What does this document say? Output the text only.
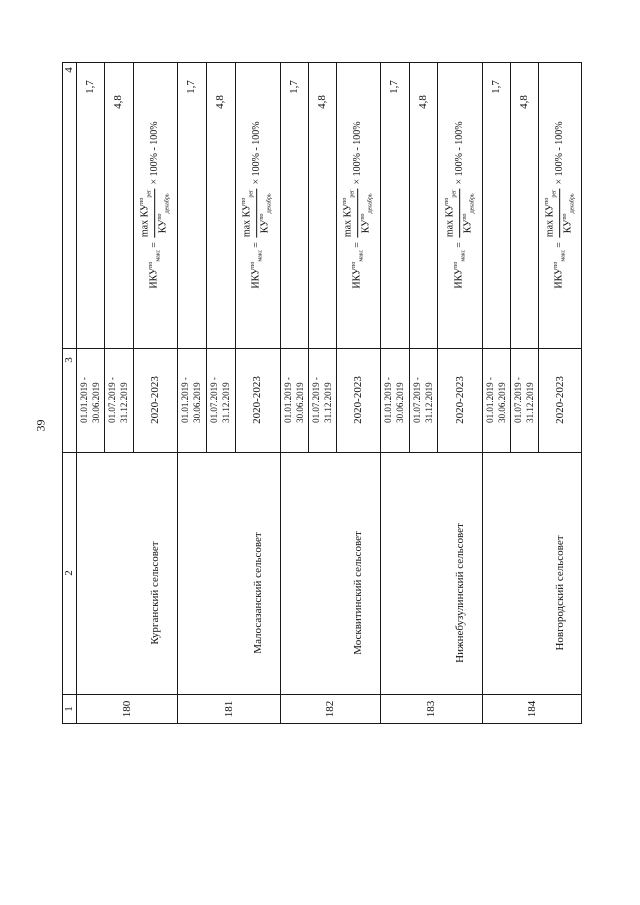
39
4
3
2
1	180
Курганский сельсовет
01.01.2019 - 30.06.2019 01.07.2019 - 31.12.2019 2020-2023
1,7
4,8
$ИКУ^{по}_{макс}$
=
$\max КУ^{по}_{рег}$
$КУ^{по}_{декабрь}$
× 100% - 100%
181
Малосазанский сельсовет
01.01.2019 - 30.06.2019 01.07.2019 - 31.12.2019 2020-2023
1,7
4,8
$ИКУ^{по}_{макс}$
=
$\max КУ^{по}_{рег}$
$КУ^{по}_{декабрь}$
× 100% - 100%
182
Москвитинский сельсовет
01.01.2019 - 30.06.2019 01.07.2019 - 31.12.2019 2020-2023
1,7
4,8
$ИКУ^{по}_{макс}$
=
$\max КУ^{по}_{рег}$
$КУ^{по}_{декабрь}$
× 100% - 100%
183
Нижнебузулинский сельсовет
01.01.2019 - 30.06.2019 01.07.2019 - 31.12.2019 2020-2023
1,7
4,8
$ИКУ^{по}_{макс}$
=
$\max КУ^{по}_{рег}$
$КУ^{по}_{декабрь}$
× 100% - 100%
184
Новгородский сельсовет
01.01.2019 - 30.06.2019 01.07.2019 - 31.12.2019 2020-2023
1,7
4,8
$ИКУ^{по}_{макс}$
=
$\max КУ^{по}_{рег}$
$КУ^{по}_{декабрь}$
× 100% - 100%
